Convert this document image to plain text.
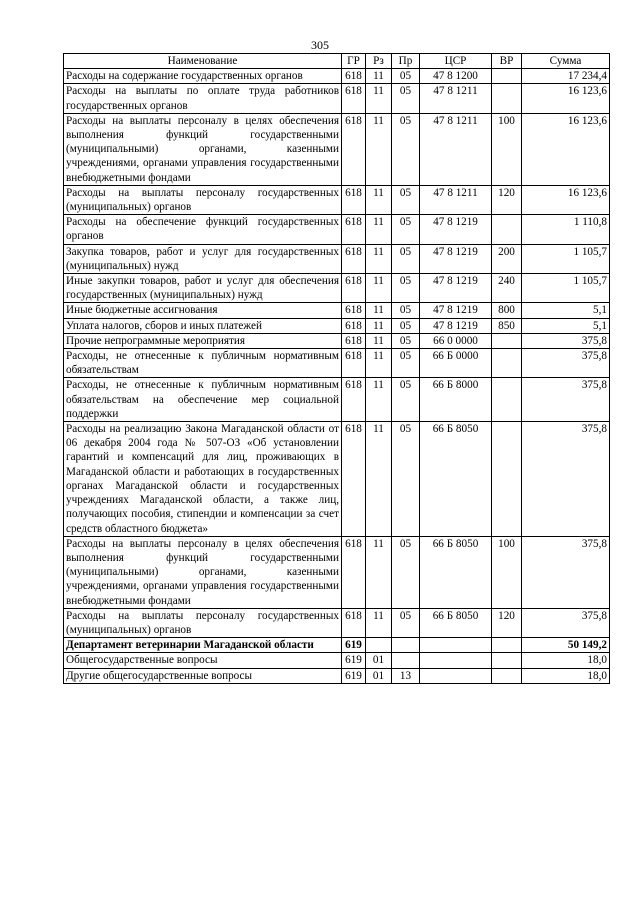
305
Наименование	ГР	Рз	Пр	ЦСР	ВР	Сумма
Расходы на содержание государственных органов	618	11	05	47 8 1200		17 234,4
Расходы на выплаты по оплате труда работников государственных органов	618	11	05	47 8 1211		16 123,6
Расходы на выплаты персоналу в целях обеспечения выполнения функций государственными (муниципальными) органами, казенными учреждениями, органами управления государственными внебюджетными фондами	618	11	05	47 8 1211	100	16 123,6
Расходы на выплаты персоналу государственных (муниципальных) органов	618	11	05	47 8 1211	120	16 123,6
Расходы на обеспечение функций государственных органов	618	11	05	47 8 1219		1 110,8
Закупка товаров, работ и услуг для государственных (муниципальных) нужд	618	11	05	47 8 1219	200	1 105,7
Иные закупки товаров, работ и услуг для обеспечения государственных (муниципальных) нужд	618	11	05	47 8 1219	240	1 105,7
Иные бюджетные ассигнования	618	11	05	47 8 1219	800	5,1
Уплата налогов, сборов и иных платежей	618	11	05	47 8 1219	850	5,1
Прочие непрограммные мероприятия	618	11	05	66 0 0000		375,8
Расходы, не отнесенные к публичным нормативным обязательствам	618	11	05	66 Б 0000		375,8
Расходы, не отнесенные к публичным нормативным обязательствам на обеспечение мер социальной поддержки	618	11	05	66 Б 8000		375,8
Расходы на реализацию Закона Магаданской области от 06 декабря 2004 года № 507-ОЗ «Об установлении гарантий и компенсаций для лиц, проживающих в Магаданской области и работающих в государственных органах Магаданской области и государственных учреждениях Магаданской области, а также лиц, получающих пособия, стипендии и компенсации за счет средств областного бюджета»	618	11	05	66 Б 8050		375,8
Расходы на выплаты персоналу в целях обеспечения выполнения функций государственными (муниципальными) органами, казенными учреждениями, органами управления государственными внебюджетными фондами	618	11	05	66 Б 8050	100	375,8
Расходы на выплаты персоналу государственных (муниципальных) органов	618	11	05	66 Б 8050	120	375,8
Департамент ветеринарии Магаданской области	619					50 149,2
Общегосударственные вопросы	619	01				18,0
Другие общегосударственные вопросы	619	01	13			18,0
